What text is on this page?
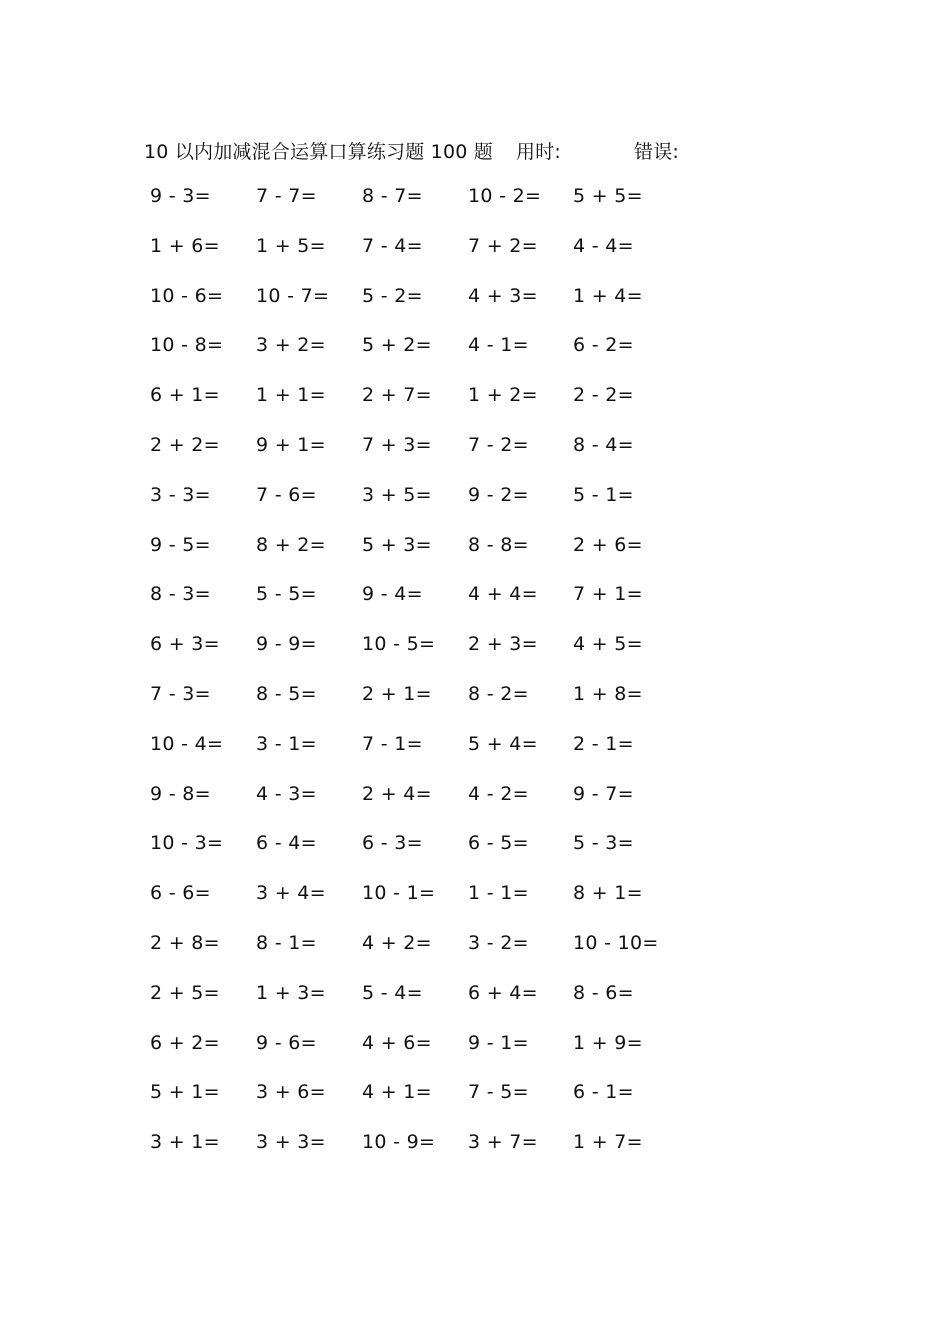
10 以内加减混合运算口算练习题 100 题 用时:	错误:
9 - 3= 7 - 7= 8 - 7= 10 - 2= 5 + 5=
1 + 6= 1 + 5= 7 - 4= 7 + 2= 4 - 4=
10 - 6= 10 - 7= 5 - 2= 4 + 3= 1 + 4=
10 - 8= 3 + 2= 5 + 2= 4 - 1= 6 - 2=
6 + 1= 1 + 1= 2 + 7= 1 + 2= 2 - 2=
2 + 2= 9 + 1= 7 + 3= 7 - 2= 8 - 4=
3 - 3= 7 - 6= 3 + 5= 9 - 2= 5 - 1=
9 - 5= 8 + 2= 5 + 3= 8 - 8= 2 + 6=
8 - 3= 5 - 5= 9 - 4= 4 + 4= 7 + 1=
6 + 3= 9 - 9= 10 - 5= 2 + 3= 4 + 5=
7 - 3= 8 - 5= 2 + 1= 8 - 2= 1 + 8=
10 - 4= 3 - 1= 7 - 1= 5 + 4= 2 - 1=
9 - 8= 4 - 3= 2 + 4= 4 - 2= 9 - 7=
10 - 3= 6 - 4= 6 - 3= 6 - 5= 5 - 3=
6 - 6= 3 + 4= 10 - 1= 1 - 1= 8 + 1=
2 + 8= 8 - 1= 4 + 2= 3 - 2= 10 - 10=
2 + 5= 1 + 3= 5 - 4= 6 + 4= 8 - 6=
6 + 2= 9 - 6= 4 + 6= 9 - 1= 1 + 9=
5 + 1= 3 + 6= 4 + 1= 7 - 5= 6 - 1=
3 + 1= 3 + 3= 10 - 9= 3 + 7= 1 + 7=
